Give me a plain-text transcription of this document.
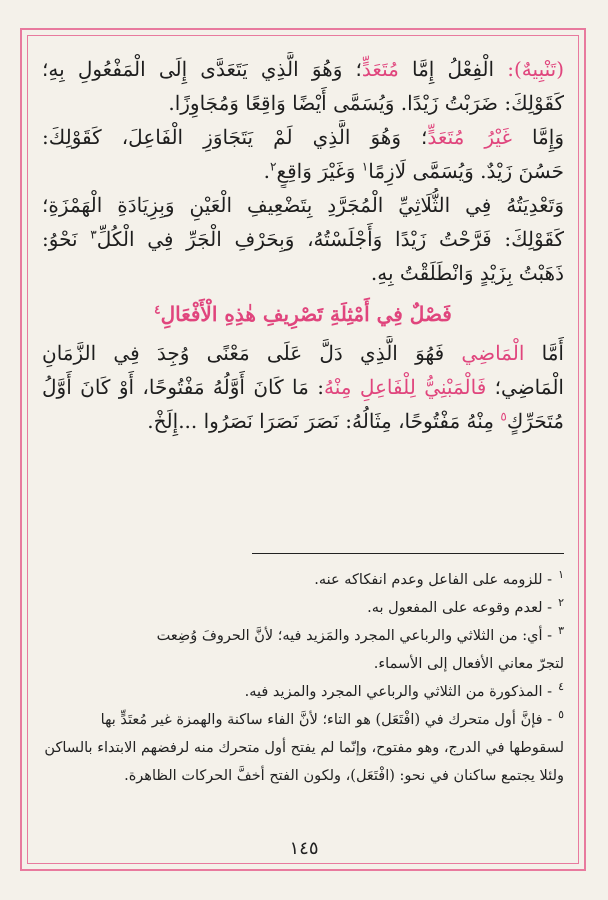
(تَنْبِيهٌ): الْفِعْلُ إِمَّا مُتَعَدٍّ؛ وَهُوَ الَّذِي يَتَعَدَّى إِلَى الْمَفْعُولِ بِهِ؛
كَقَوْلِكَ: ضَرَبْتُ زَيْدًا. وَيُسَمَّى أَيْضًا وَاقِعًا وَمُجَاوِزًا.
وَإِمَّا غَيْرُ مُتَعَدٍّ؛ وَهُوَ الَّذِي لَمْ يَتَجَاوَزِ الْفَاعِلَ، كَقَوْلِكَ:
حَسُنَ زَيْدٌ. وَيُسَمَّى لَازِمًا$^١$ وَغَيْرَ وَاقِعٍ$^٢$.
وَتَعْدِيَتُهُ فِي الثُّلَاثِيِّ الْمُجَرَّدِ بِتَضْعِيفِ الْعَيْنِ وَبِزِيَادَةِ الْهَمْزَةِ؛
كَقَوْلِكَ: فَرَّحْتُ زَيْدًا وَأَجْلَسْتُهُ، وَبِحَرْفِ الْجَرِّ فِي الْكُلِّ$^٣$ نَحْوُ:
ذَهَبْتُ بِزَيْدٍ وَانْطَلَقْتُ بِهِ.
فَصْلٌ فِي أَمْثِلَةِ تَصْرِيفِ هٰذِهِ الْأَفْعَالِ$^٤$
أَمَّا الْمَاضِي فَهُوَ الَّذِي دَلَّ عَلَى مَعْنًى وُجِدَ فِي الزَّمَانِ
الْمَاضِي؛ فَالْمَبْنِيُّ لِلْفَاعِلِ مِنْهُ: مَا كَانَ أَوَّلُهُ مَفْتُوحًا، أَوْ كَانَ أَوَّلُ
مُتَحَرِّكٍ$^٥$ مِنْهُ مَفْتُوحًا، مِثَالُهُ: نَصَرَ نَصَرَا نَصَرُوا ...إِلَخْ.
$^١$- للزومه على الفاعل وعدم انفكاكه عنه.
$^٢$- لعدم وقوعه على المفعول به.
$^٣$- أي: من الثلاثي والرباعي المجرد والمَزيد فيه؛ لأنَّ الحروفَ وُضِعت
لتجرّ معاني الأفعال إلى الأسماء.
$^٤$- المذكورة من الثلاثي والرباعي المجرد والمزيد فيه.
$^٥$- فإنَّ أول متحرك في (افْتَعَل) هو التاء؛ لأنَّ الفاء ساكنة والهمزة غير مُعتَدٍّ بها
لسقوطها في الدرج، وهو مفتوح، وإنّما لم يفتح أول متحرك منه لرفضهم الابتداء بالساكن
ولئلا يجتمع ساكنان في نحو: (افْتَعَل)، ولكون الفتح أخفَّ الحركات الظاهرة.
١٤٥
